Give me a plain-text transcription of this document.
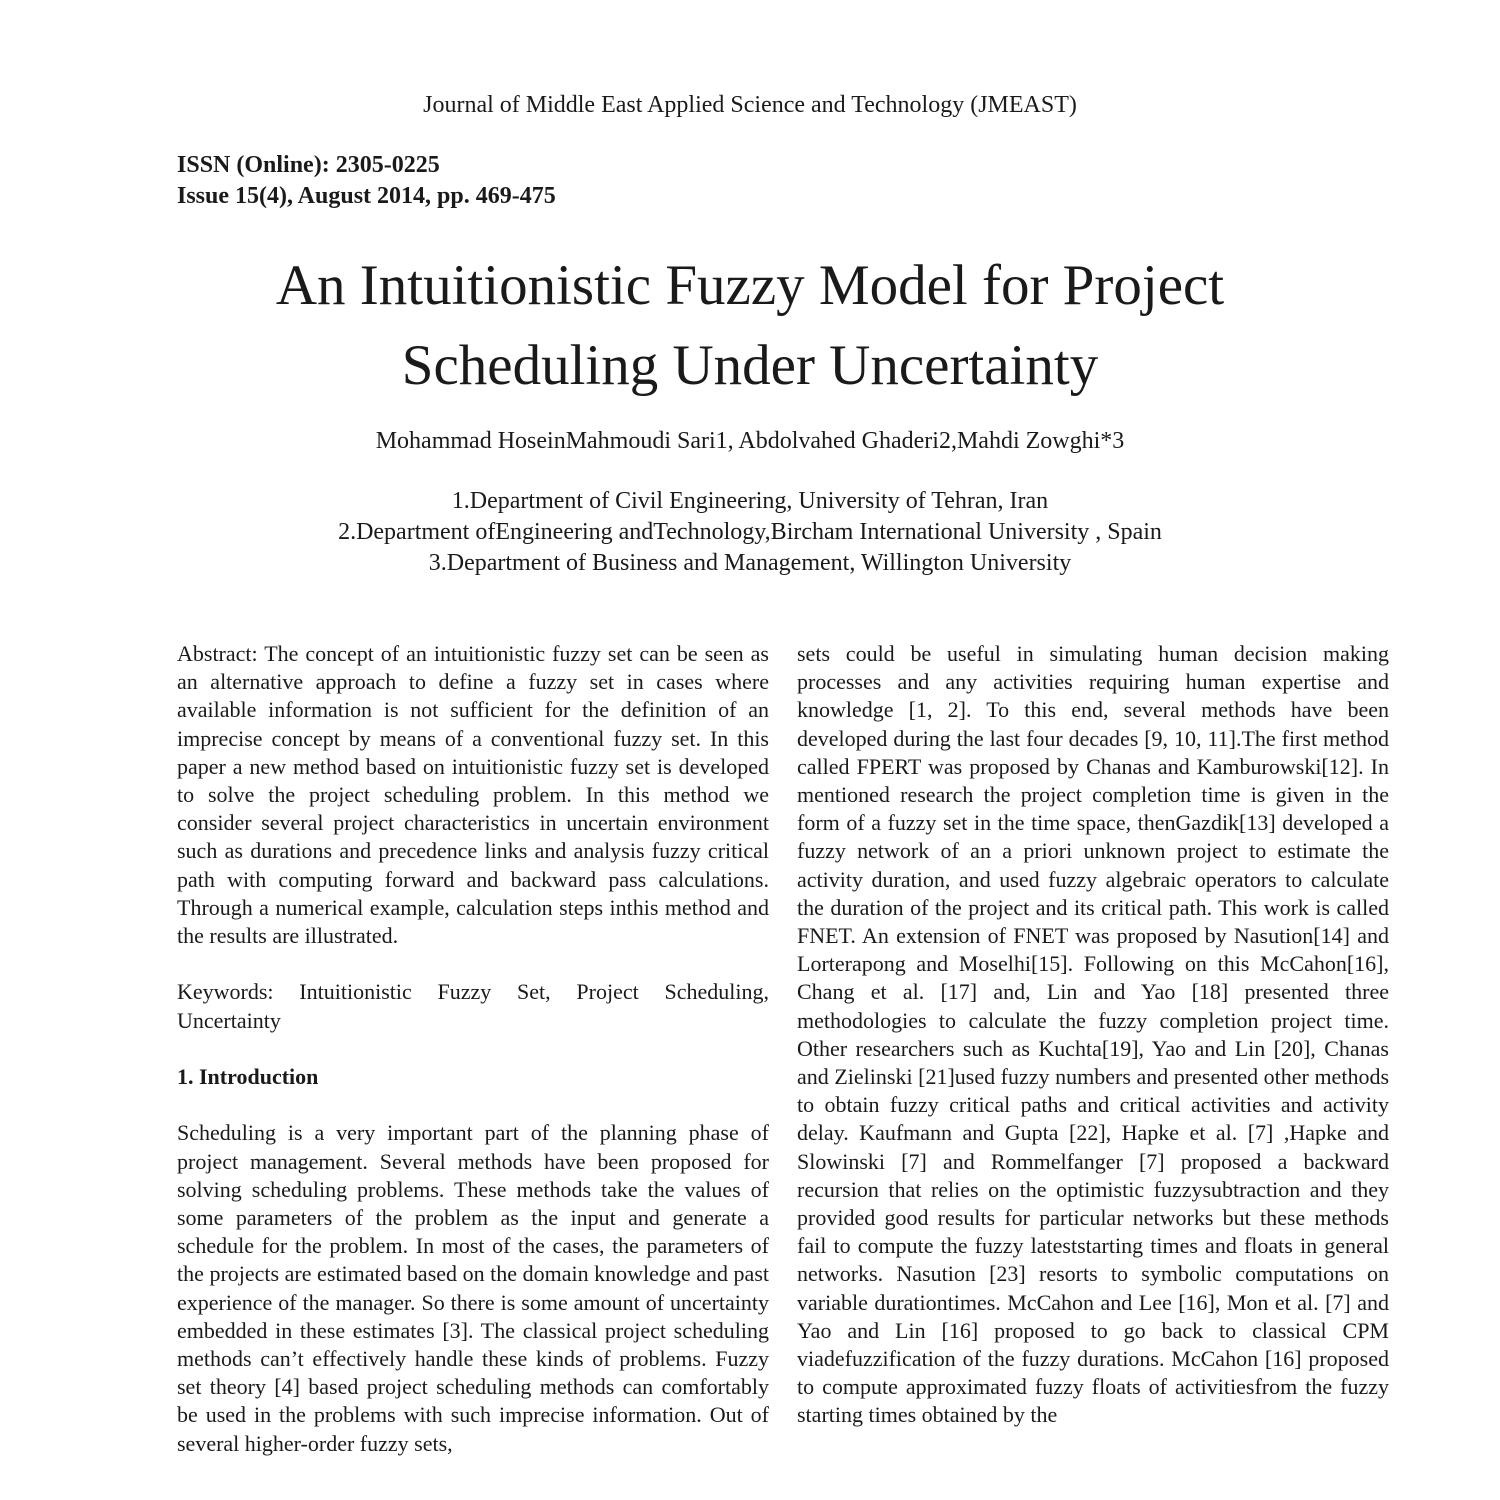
Journal of Middle East Applied Science and Technology (JMEAST)
ISSN (Online): 2305-0225
Issue 15(4), August 2014, pp. 469-475
An Intuitionistic Fuzzy Model for Project
Scheduling Under Uncertainty
Mohammad HoseinMahmoudi Sari1, Abdolvahed Ghaderi2,Mahdi Zowghi*3
1.Department of Civil Engineering, University of Tehran, Iran
2.Department ofEngineering andTechnology,Bircham International University , Spain
3.Department of Business and Management, Willington University

Abstract: The concept of an intuitionistic fuzzy set can be seen as an alternative approach to define a fuzzy set in cases where available information is not sufficient for the definition of an imprecise concept by means of a conventional fuzzy set. In this paper a new method based on intuitionistic fuzzy set is developed to solve the project scheduling problem. In this method we consider several project characteristics in uncertain environment such as durations and precedence links and analysis fuzzy critical path with computing forward and backward pass calculations. Through a numerical example, calculation steps inthis method and the results are illustrated.

Keywords: Intuitionistic Fuzzy Set, Project Scheduling, Uncertainty

1. Introduction

Scheduling is a very important part of the planning phase of project management. Several methods have been proposed for solving scheduling problems. These methods take the values of some parameters of the problem as the input and generate a schedule for the problem. In most of the cases, the parameters of the projects are estimated based on the domain knowledge and past experience of the manager. So there is some amount of uncertainty embedded in these estimates [3]. The classical project scheduling methods can’t effectively handle these kinds of problems. Fuzzy set theory [4] based project scheduling methods can comfortably be used in the problems with such imprecise information. Out of several higher-order fuzzy sets,

sets could be useful in simulating human decision making processes and any activities requiring human expertise and knowledge [1, 2]. To this end, several methods have been developed during the last four decades [9, 10, 11].The first method called FPERT was proposed by Chanas and Kamburowski[12]. In mentioned research the project completion time is given in the form of a fuzzy set in the time space, thenGazdik[13] developed a fuzzy network of an a priori unknown project to estimate the activity duration, and used fuzzy algebraic operators to calculate the duration of the project and its critical path. This work is called FNET. An extension of FNET was proposed by Nasution[14] and Lorterapong and Moselhi[15]. Following on this McCahon[16], Chang et al. [17] and, Lin and Yao [18] presented three methodologies to calculate the fuzzy completion project time. Other researchers such as Kuchta[19], Yao and Lin [20], Chanas and Zielinski [21]used fuzzy numbers and presented other methods to obtain fuzzy critical paths and critical activities and activity delay. Kaufmann and Gupta [22], Hapke et al. [7] ,Hapke and Slowinski [7] and Rommelfanger [7] proposed a backward recursion that relies on the optimistic fuzzysubtraction and they provided good results for particular networks but these methods fail to compute the fuzzy lateststarting times and floats in general networks. Nasution [23] resorts to symbolic computations on variable durationtimes. McCahon and Lee [16], Mon et al. [7] and Yao and Lin [16] proposed to go back to classical CPM viadefuzzification of the fuzzy durations. McCahon [16] proposed to compute approximated fuzzy floats of activitiesfrom the fuzzy starting times obtained by the
